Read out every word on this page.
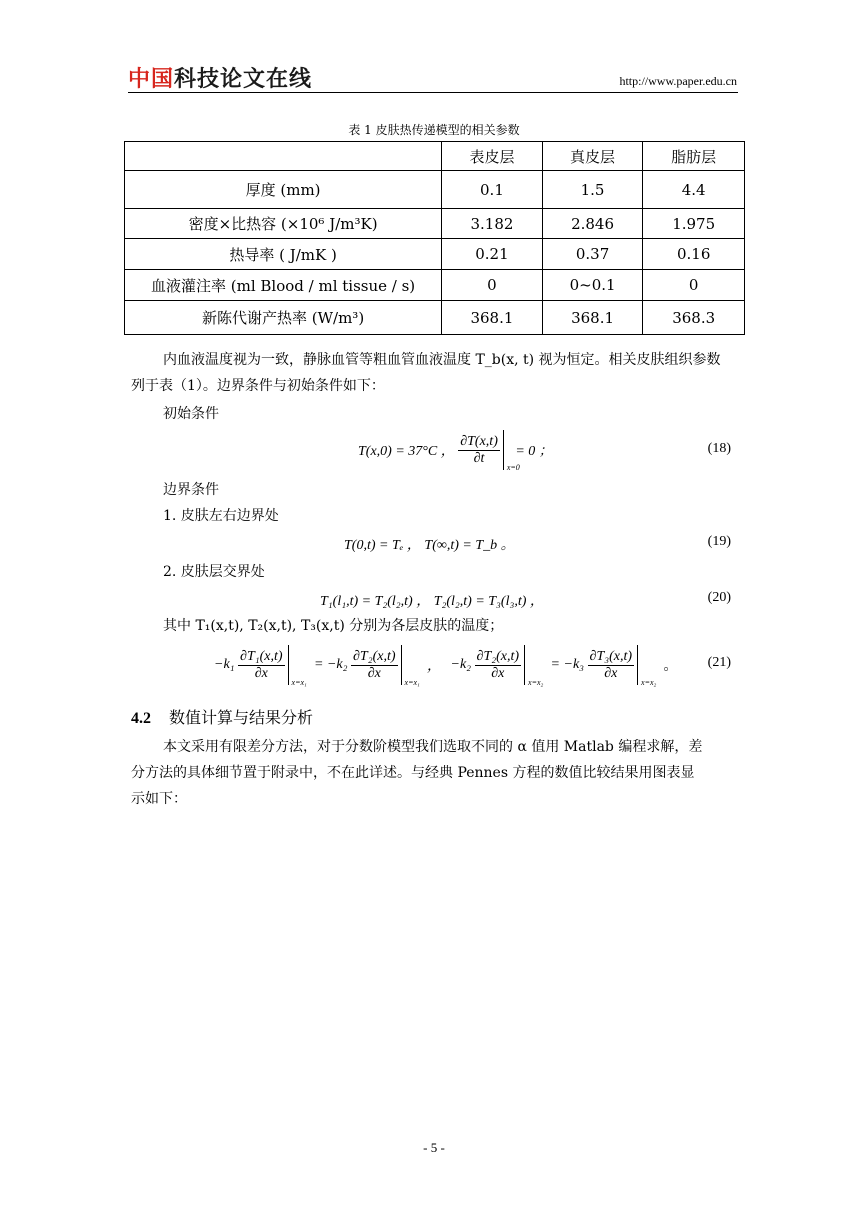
中国科技论文在线	http://www.paper.edu.cn
表 1 皮肤热传递模型的相关参数
	表皮层	真皮层	脂肪层
厚度 (mm)	0.1	1.5	4.4
密度×比热容 (×10⁶ J/m³K)	3.182	2.846	1.975
热导率 ( J/mK )	0.21	0.37	0.16
血液灌注率 (ml Blood / ml tissue / s)	0	0~0.1	0
新陈代谢产热率 (W/m³)	368.1	368.1	368.3
内血液温度视为一致，静脉血管等粗血管血液温度 T_b(x, t) 视为恒定。相关皮肤组织参数
列于表（1）。边界条件与初始条件如下：
初始条件
T(x,0) = 37°C ， $\frac{\partial T(x,t)}{\partial t}$
x=0
= 0 ；	(18)
边界条件
1. 皮肤左右边界处
T(0,t) = Tₑ ， T(∞,t) = T_b 。	(19)
2. 皮肤层交界处
T₁(l₁,t) = T₂(l₂,t) ， T₂(l₂,t) = T₃(l₃,t) ，	(20)
其中 T₁(x,t), T₂(x,t), T₃(x,t) 分别为各层皮肤的温度；
$-k_1 \frac{\text{∂T₁(x,t)}}{\partial x}$
x=x₁
= $-k_2 \frac{\text{∂T₂(x,t)}}{\partial x}$
x=x₁
， $-k_2 \frac{\text{∂T₂(x,t)}}{\partial x}$
x=x₂
= $-k_3 \frac{\text{∂T₃(x,t)}}{\partial x}$
x=x₂
。 (21)
4.2 数值计算与结果分析
本文采用有限差分方法，对于分数阶模型我们选取不同的 α 值用 Matlab 编程求解，差
分方法的具体细节置于附录中，不在此详述。与经典 Pennes 方程的数值比较结果用图表显
示如下：
- 5 -
